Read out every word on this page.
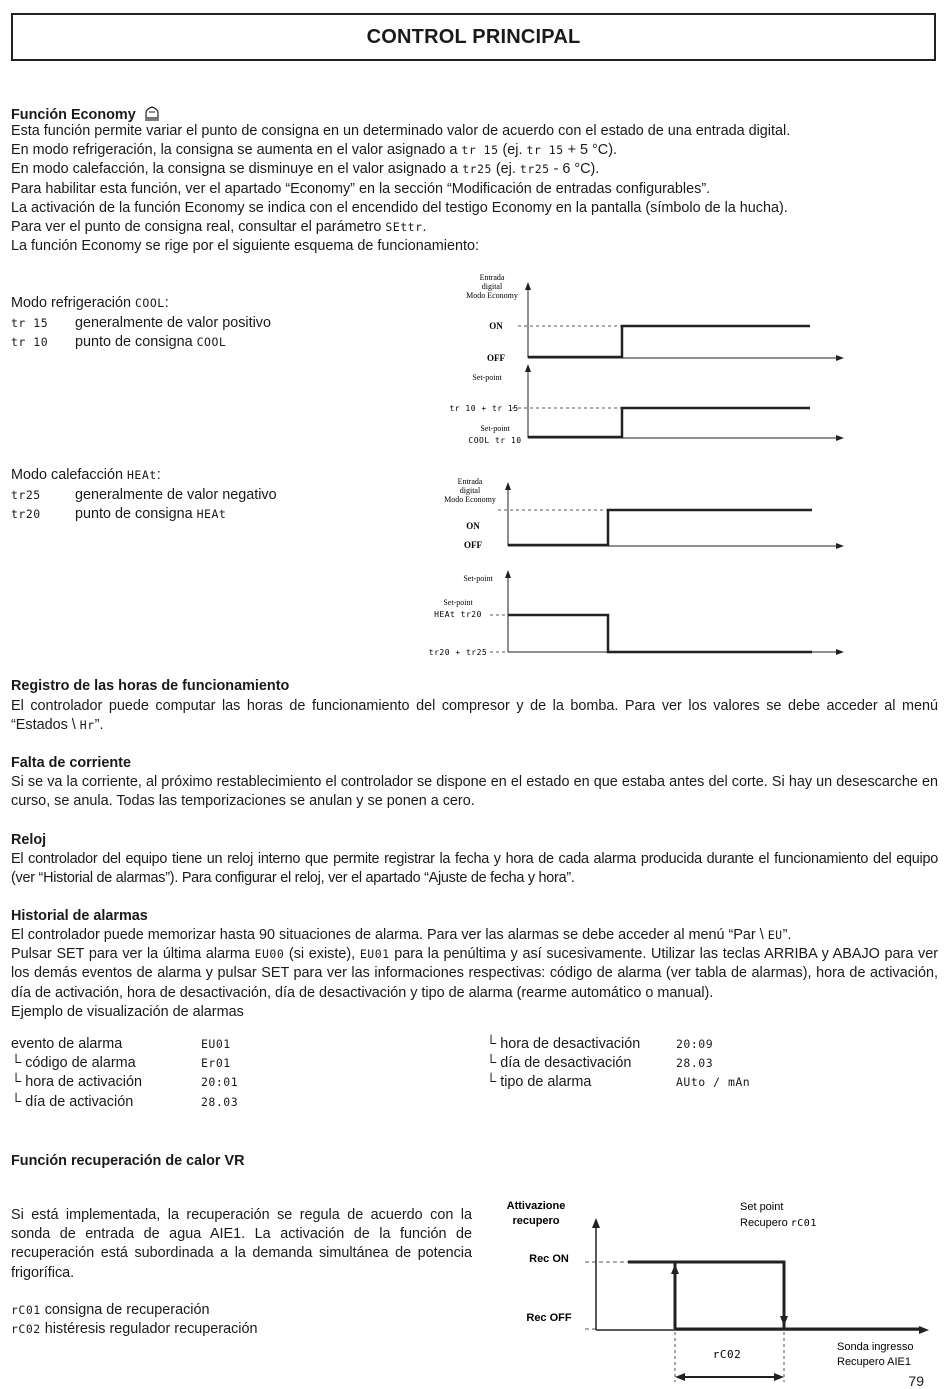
CONTROL PRINCIPAL
Función Economy
Esta función permite variar el punto de consigna en un determinado valor de acuerdo con el estado de una entrada digital.
En modo refrigeración, la consigna se aumenta en el valor asignado a tr 15 (ej. tr 15 + 5 °C).
En modo calefacción, la consigna se disminuye en el valor asignado a tr25 (ej. tr25 - 6 °C).
Para habilitar esta función, ver el apartado “Economy” en la sección “Modificación de entradas configurables”.
La activación de la función Economy se indica con el encendido del testigo Economy en la pantalla (símbolo de la hucha).
Para ver el punto de consigna real, consultar el parámetro SEttr.
La función Economy se rige por el siguiente esquema de funcionamiento:
Modo refrigeración COOL:
tr 15 generalmente de valor positivo
tr 10 punto de consigna COOL
Entrada
digital
Modo Economy
ON
OFF
Set-point
tr 10 + tr 15
Set-point
COOL tr 10
Modo calefacción HEAt:
tr25 generalmente de valor negativo
tr20 punto de consigna HEAt
Entrada
digital
Modo Economy
ON
OFF
Set-point
Set-point
HEAt tr20
tr20 + tr25
Registro de las horas de funcionamiento
El controlador puede computar las horas de funcionamiento del compresor y de la bomba. Para ver los valores se debe acceder al menú “Estados \ Hr”.
Falta de corriente
Si se va la corriente, al próximo restablecimiento el controlador se dispone en el estado en que estaba antes del corte. Si hay un desescarche en curso, se anula. Todas las temporizaciones se anulan y se ponen a cero.
Reloj
El controlador del equipo tiene un reloj interno que permite registrar la fecha y hora de cada alarma producida durante el funcionamiento del equipo (ver “Historial de alarmas”). Para configurar el reloj, ver el apartado “Ajuste de fecha y hora”.
Historial de alarmas
El controlador puede memorizar hasta 90 situaciones de alarma. Para ver las alarmas se debe acceder al menú “Par \ EU”.
Pulsar SET para ver la última alarma EU00 (si existe), EU01 para la penúltima y así sucesivamente. Utilizar las teclas ARRIBA y ABAJO para ver los demás eventos de alarma y pulsar SET para ver las informaciones respectivas: código de alarma (ver tabla de alarmas), hora de activación, día de activación, hora de desactivación, día de desactivación y tipo de alarma (rearme automático o manual).
Ejemplo de visualización de alarmas
evento de alarma	EU01
└ código de alarma	Er01
└ hora de activación	20:01
└ día de activación	28.03
└ hora de desactivación	20:09
└ día de desactivación	28.03
└ tipo de alarma	AUto / mAn
Función recuperación de calor VR
Si está implementada, la recuperación se regula de acuerdo con la sonda de entrada de agua AIE1. La activación de la función de recuperación está subordinada a la demanda simultánea de potencia frigorífica.
rC01 consigna de recuperación
rC02 histéresis regulador recuperación
Attivazione
recupero
Rec ON
Rec OFF
Set point
Recupero rC01
rC02
Sonda ingresso
Recupero AIE1
79
